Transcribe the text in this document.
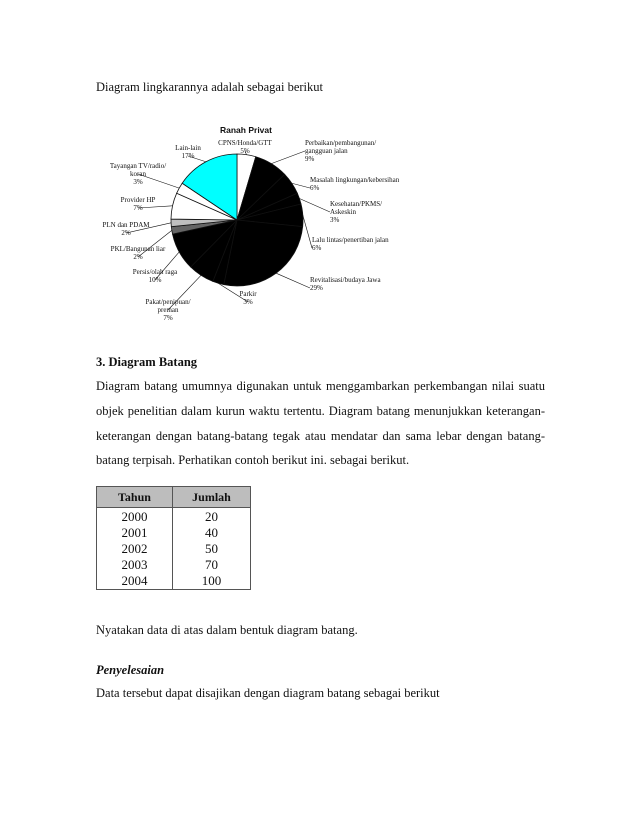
Diagram lingkarannya adalah sebagai berikut
Ranah Privat
CPNS/Honda/GTT
5%
Perbaikan/pembangunan/
gangguan jalan
9%
Masalah lingkungan/kebersihan
6%
Kesehatan/PKMS/
Askeskin
3%
Lalu lintas/penertiban jalan
6%
Revitalisasi/budaya Jawa
29%
Parkir
3%
Pakat/penipuan/
preman
7%
Persis/olah raga
10%
PKL/Bangunan liar
2%
PLN dan PDAM
2%
Provider HP
7%
Tayangan TV/radio/
koran
3%
Lain-lain
17%
3. Diagram Batang
Diagram batang umumnya digunakan untuk menggambarkan perkembangan nilai suatu
objek penelitian dalam kurun waktu tertentu. Diagram batang menunjukkan keterangan-
keterangan dengan batang-batang tegak atau mendatar dan sama lebar dengan batang-
batang terpisah. Perhatikan contoh berikut ini. sebagai berikut.
Tahun	Jumlah
2000	20
2001	40
2002	50
2003	70
2004	100
Nyatakan data di atas dalam bentuk diagram batang.
Penyelesaian
Data tersebut dapat disajikan dengan diagram batang sebagai berikut
